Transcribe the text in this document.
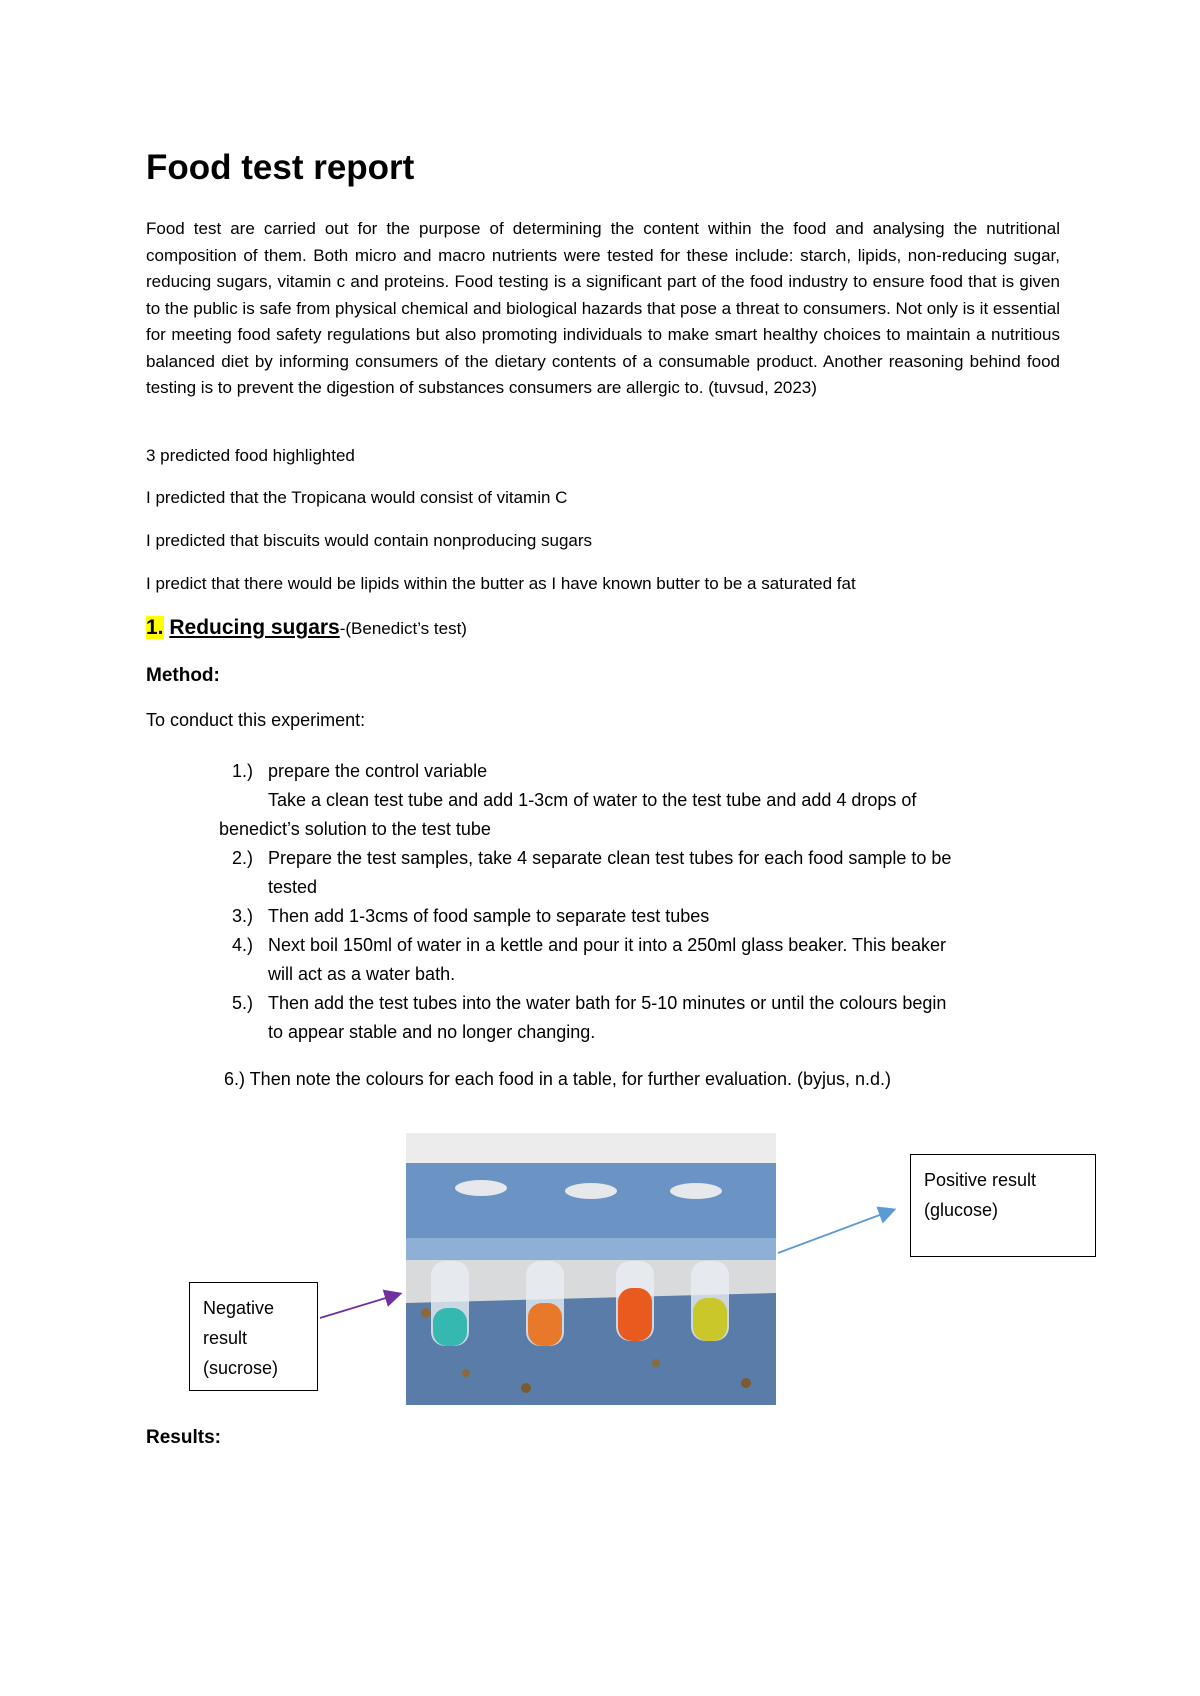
Food test report

Food test are carried out for the purpose of determining the content within the food and analysing the nutritional composition of them. Both micro and macro nutrients were tested for these include: starch, lipids, non-reducing sugar, reducing sugars, vitamin c and proteins. Food testing is a significant part of the food industry to ensure food that is given to the public is safe from physical chemical and biological hazards that pose a threat to consumers. Not only is it essential for meeting food safety regulations but also promoting individuals to make smart healthy choices to maintain a nutritious balanced diet by informing consumers of the dietary contents of a consumable product. Another reasoning behind food testing is to prevent the digestion of substances consumers are allergic to. (tuvsud, 2023)

3 predicted food highlighted

I predicted that the Tropicana would consist of vitamin C

I predicted that biscuits would contain nonproducing sugars

I predict that there would be lipids within the butter as I have known butter to be a saturated fat

1. Reducing sugars-(Benedict’s test)

Method:

To conduct this experiment:

1.) prepare the control variable
Take a clean test tube and add 1-3cm of water to the test tube and add 4 drops of
benedict’s solution to the test tube
2.) Prepare the test samples, take 4 separate clean test tubes for each food sample to be
tested
3.) Then add 1-3cms of food sample to separate test tubes
4.) Next boil 150ml of water in a kettle and pour it into a 250ml glass beaker. This beaker
will act as a water bath.
5.) Then add the test tubes into the water bath for 5-10 minutes or until the colours begin
to appear stable and no longer changing.

6.) Then note the colours for each food in a table, for further evaluation. (byjus, n.d.)

Positive result (glucose)
Negative result (sucrose)

Results:
